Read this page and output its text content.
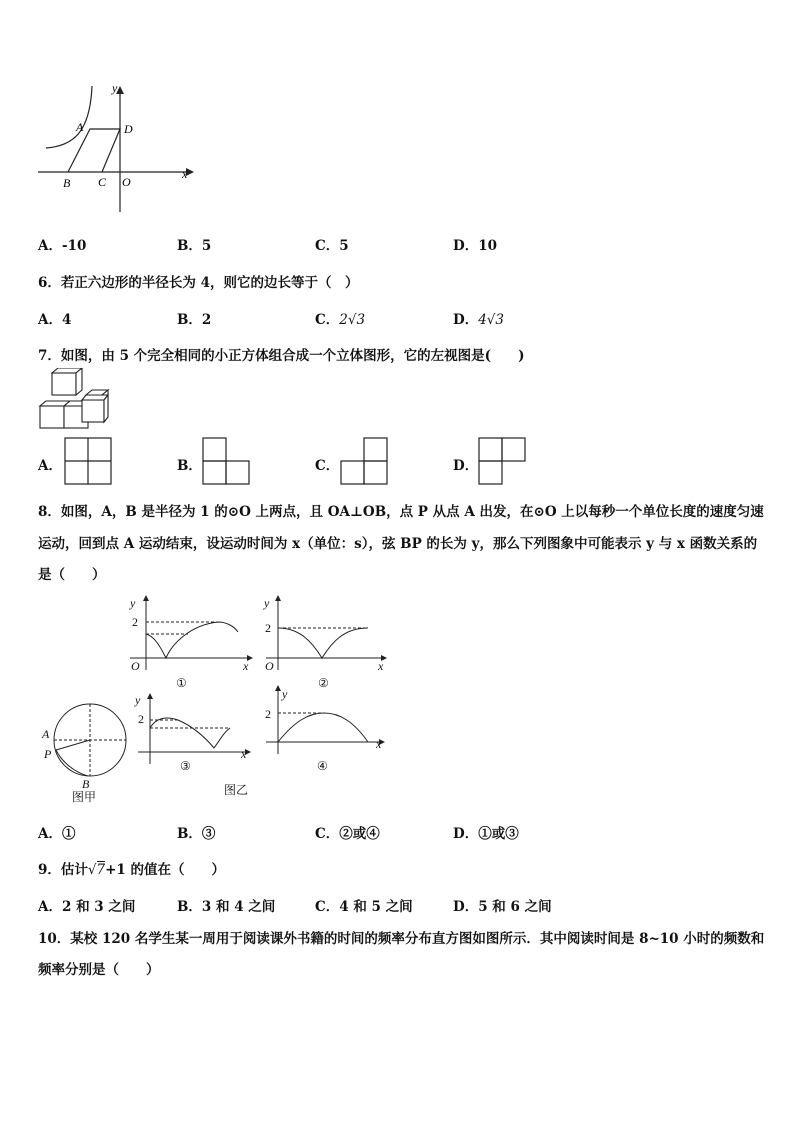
y
x
A	D
B C O
A．-10	B．5	C．5	D．10
6．若正六边形的半径长为 4，则它的边长等于（　）
A．4	B．2	C．2√3	D．4√3
7．如图，由 5 个完全相同的小正方体组合成一个立体图形，它的左视图是(　　)
A．	B．	C．	D．
8．如图，A，B 是半径为 1 的⊙O 上两点，且 OA⊥OB，点 P 从点 A 出发，在⊙O 上以每秒一个单位长度的速度匀速
运动，回到点 A 运动结束，设运动时间为 x（单位：s），弦 BP 的长为 y，那么下列图象中可能表示 y 与 x 函数关系的
是（　　）
y
2
O	x
①
y
2
O	x
②
A
P
B
图甲
y
2
x
③
图乙
y
2
x
④
A．①	B．③	C．②或④	D．①或③
9．估计√7+1 的值在（　　）
A．2 和 3 之间	B．3 和 4 之间	C．4 和 5 之间	D．5 和 6 之间
10．某校 120 名学生某一周用于阅读课外书籍的时间的频率分布直方图如图所示．其中阅读时间是 8~10 小时的频数和
频率分别是（　　）
